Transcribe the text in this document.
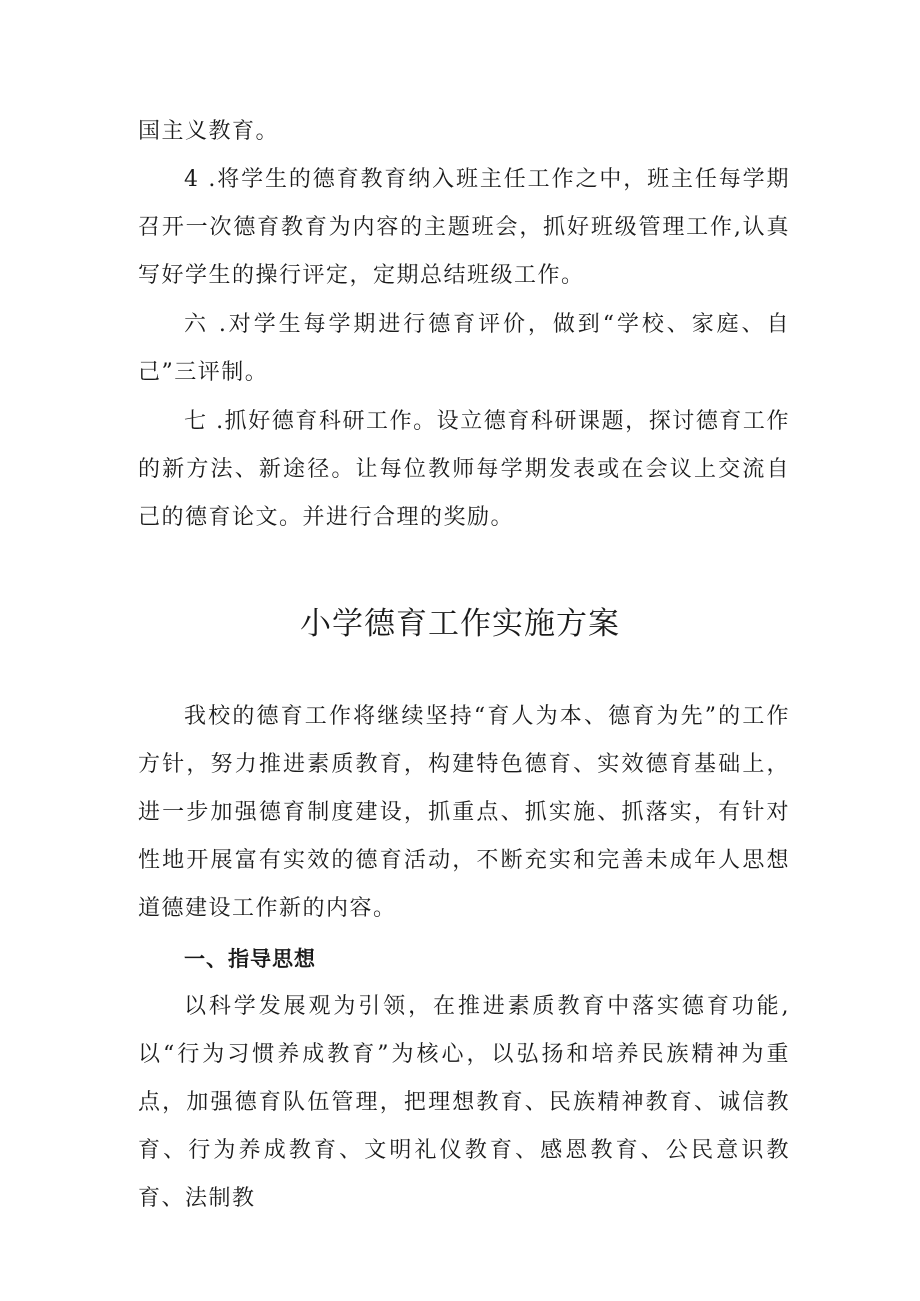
国主义教育。

4 .将学生的德育教育纳入班主任工作之中，班主任每学期召开一次德育教育为内容的主题班会，抓好班级管理工作,认真写好学生的操行评定，定期总结班级工作。

六 .对学生每学期进行德育评价，做到“学校、家庭、自己”三评制。

七 .抓好德育科研工作。设立德育科研课题，探讨德育工作的新方法、新途径。让每位教师每学期发表或在会议上交流自己的德育论文。并进行合理的奖励。

小学德育工作实施方案

我校的德育工作将继续坚持“育人为本、德育为先”的工作方针，努力推进素质教育，构建特色德育、实效德育基础上，进一步加强德育制度建设，抓重点、抓实施、抓落实，有针对性地开展富有实效的德育活动，不断充实和完善未成年人思想道德建设工作新的内容。

一、指导思想

以科学发展观为引领，在推进素质教育中落实德育功能,以“行为习惯养成教育”为核心，以弘扬和培养民族精神为重点，加强德育队伍管理，把理想教育、民族精神教育、诚信教育、行为养成教育、文明礼仪教育、感恩教育、公民意识教育、法制教
